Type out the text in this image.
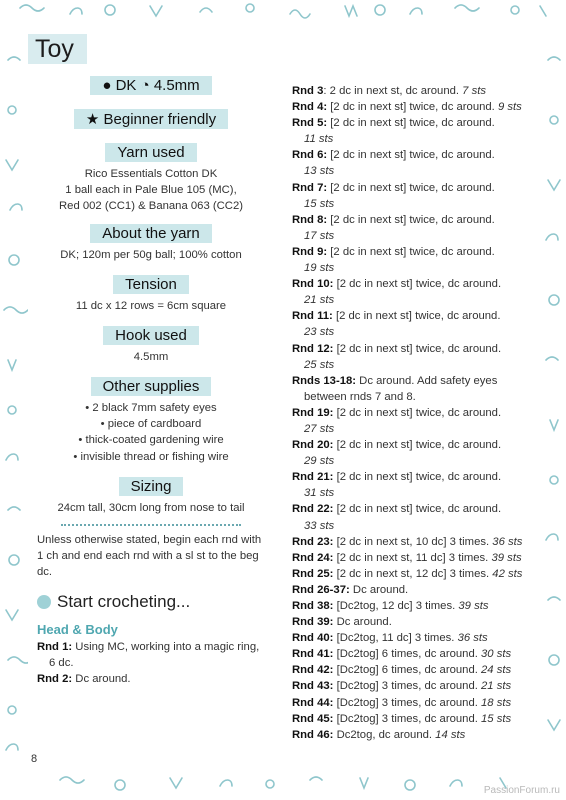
Toy
● DK ◔ 4.5mm
★ Beginner friendly
Yarn used
Rico Essentials Cotton DK
1 ball each in Pale Blue 105 (MC),
Red 002 (CC1) & Banana 063 (CC2)
About the yarn
DK; 120m per 50g ball; 100% cotton
Tension
11 dc x 12 rows = 6cm square
Hook used
4.5mm
Other supplies
• 2 black 7mm safety eyes
• piece of cardboard
• thick-coated gardening wire
• invisible thread or fishing wire
Sizing
24cm tall, 30cm long from nose to tail
Unless otherwise stated, begin each rnd with 1 ch and end each rnd with a sl st to the beg dc.
Start crocheting...
Head & Body
Rnd 1: Using MC, working into a magic ring,
6 dc.
Rnd 2: Dc around.
Rnd 3: 2 dc in next st, dc around. 7 sts
Rnd 4: [2 dc in next st] twice, dc around. 9 sts
Rnd 5: [2 dc in next st] twice, dc around.
11 sts
Rnd 6: [2 dc in next st] twice, dc around.
13 sts
Rnd 7: [2 dc in next st] twice, dc around.
15 sts
Rnd 8: [2 dc in next st] twice, dc around.
17 sts
Rnd 9: [2 dc in next st] twice, dc around.
19 sts
Rnd 10: [2 dc in next st] twice, dc around.
21 sts
Rnd 11: [2 dc in next st] twice, dc around.
23 sts
Rnd 12: [2 dc in next st] twice, dc around.
25 sts
Rnds 13-18: Dc around. Add safety eyes
between rnds 7 and 8.
Rnd 19: [2 dc in next st] twice, dc around.
27 sts
Rnd 20: [2 dc in next st] twice, dc around.
29 sts
Rnd 21: [2 dc in next st] twice, dc around.
31 sts
Rnd 22: [2 dc in next st] twice, dc around.
33 sts
Rnd 23: [2 dc in next st, 10 dc] 3 times. 36 sts
Rnd 24: [2 dc in next st, 11 dc] 3 times. 39 sts
Rnd 25: [2 dc in next st, 12 dc] 3 times. 42 sts
Rnd 26-37: Dc around.
Rnd 38: [Dc2tog, 12 dc] 3 times. 39 sts
Rnd 39: Dc around.
Rnd 40: [Dc2tog, 11 dc] 3 times. 36 sts
Rnd 41: [Dc2tog] 6 times, dc around. 30 sts
Rnd 42: [Dc2tog] 6 times, dc around. 24 sts
Rnd 43: [Dc2tog] 3 times, dc around. 21 sts
Rnd 44: [Dc2tog] 3 times, dc around. 18 sts
Rnd 45: [Dc2tog] 3 times, dc around. 15 sts
Rnd 46: Dc2tog, dc around. 14 sts
8
PassionForum.ru
